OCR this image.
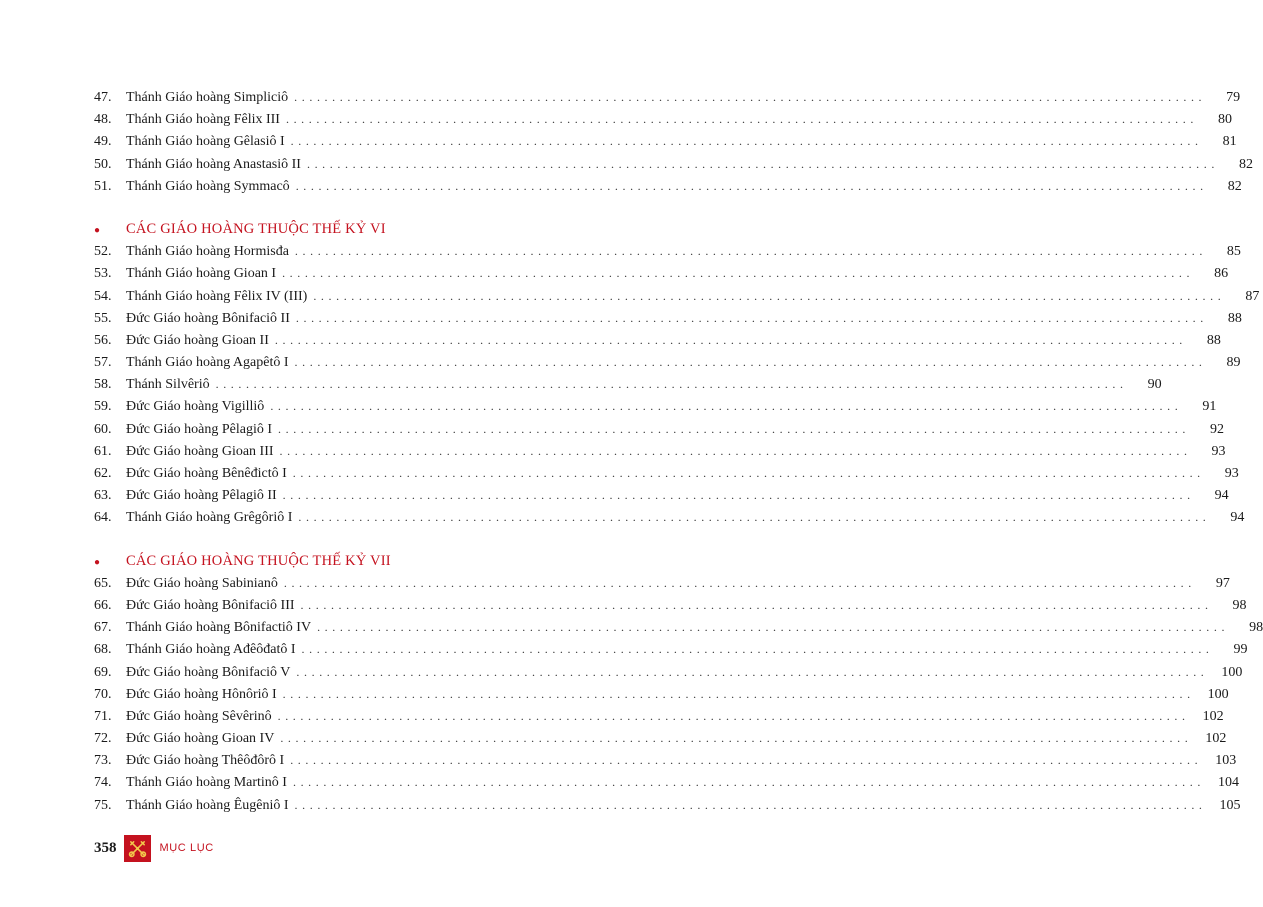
47.	Thánh Giáo hoàng Simpliciô ........................................................................................................................	79
48.	Thánh Giáo hoàng Fêlix III ........................................................................................................................	80
49.	Thánh Giáo hoàng Gêlasiô I ........................................................................................................................	81
50.	Thánh Giáo hoàng Anastasiô II ........................................................................................................................	82
51.	Thánh Giáo hoàng Symmacô ........................................................................................................................	82
●	CÁC GIÁO HOÀNG THUỘC THẾ KỶ VI
52.	Thánh Giáo hoàng Hormisđa ........................................................................................................................	85
53.	Thánh Giáo hoàng Gioan I ........................................................................................................................	86
54.	Thánh Giáo hoàng Fêlix IV (III) ........................................................................................................................	87
55.	Đức Giáo hoàng Bônifaciô II ........................................................................................................................	88
56.	Đức Giáo hoàng Gioan II ........................................................................................................................	88
57.	Thánh Giáo hoàng Agapêtô I ........................................................................................................................	89
58.	Thánh Silvêriô ........................................................................................................................	90
59.	Đức Giáo hoàng Vigilliô ........................................................................................................................	91
60.	Đức Giáo hoàng Pêlagiô I ........................................................................................................................	92
61.	Đức Giáo hoàng Gioan III ........................................................................................................................	93
62.	Đức Giáo hoàng Bênêđictô I ........................................................................................................................	93
63.	Đức Giáo hoàng Pêlagiô II ........................................................................................................................	94
64.	Thánh Giáo hoàng Grêgôriô I ........................................................................................................................	94
●	CÁC GIÁO HOÀNG THUỘC THẾ KỶ VII
65.	Đức Giáo hoàng Sabinianô ........................................................................................................................	97
66.	Đức Giáo hoàng Bônifaciô III ........................................................................................................................	98
67.	Thánh Giáo hoàng Bônifactiô IV ........................................................................................................................	98
68.	Thánh Giáo hoàng Ađêôđatô I ........................................................................................................................	99
69.	Đức Giáo hoàng Bônifaciô V ........................................................................................................................ 100
70.	Đức Giáo hoàng Hônôriô I ........................................................................................................................ 100
71.	Đức Giáo hoàng Sêvêrinô ........................................................................................................................ 102
72.	Đức Giáo hoàng Gioan IV ........................................................................................................................ 102
73.	Đức Giáo hoàng Thêôđôrô I ........................................................................................................................ 103
74.	Thánh Giáo hoàng Martinô I ........................................................................................................................ 104
75.	Thánh Giáo hoàng Êugêniô I ........................................................................................................................ 105
358	MỤC LỤC
